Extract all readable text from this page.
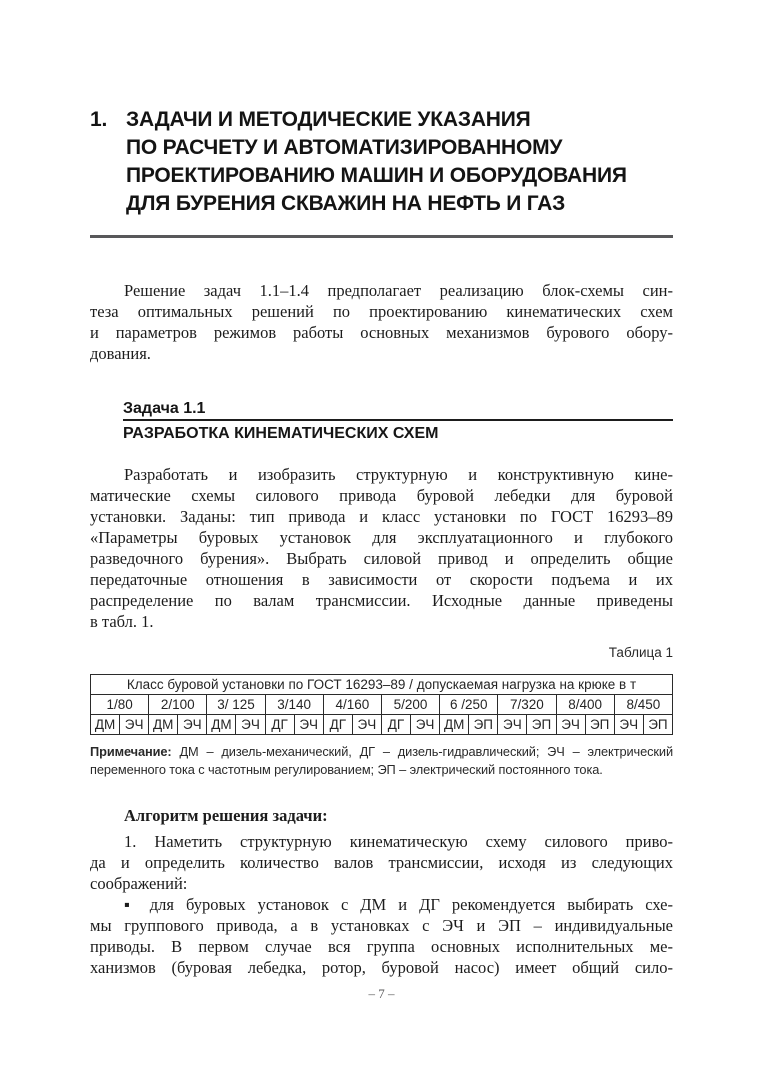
1. ЗАДАЧИ И МЕТОДИЧЕСКИЕ УКАЗАНИЯ
ПО РАСЧЕТУ И АВТОМАТИЗИРОВАННОМУ
ПРОЕКТИРОВАНИЮ МАШИН И ОБОРУДОВАНИЯ
ДЛЯ БУРЕНИЯ СКВАЖИН НА НЕФТЬ И ГАЗ
Решение задач 1.1–1.4 предполагает реализацию блок-схемы син-
теза оптимальных решений по проектированию кинематических схем
и параметров режимов работы основных механизмов бурового обору-
дования.
Задача 1.1
РАЗРАБОТКА КИНЕМАТИЧЕСКИХ СХЕМ
Разработать и изобразить структурную и конструктивную кине-
матические схемы силового привода буровой лебедки для буровой
установки. Заданы: тип привода и класс установки по ГОСТ 16293–89
«Параметры буровых установок для эксплуатационного и глубокого
разведочного бурения». Выбрать силовой привод и определить общие
передаточные отношения в зависимости от скорости подъема и их
распределение по валам трансмиссии. Исходные данные приведены
в табл. 1.
Таблица 1
Класс буровой установки по ГОСТ 16293–89 / допускаемая нагрузка на крюке в т																			
1/80		2/100		3/ 125		3/140		4/160		5/200		6 /250		7/320		8/400		8/450	
ДМ	ЭЧ	ДМ	ЭЧ	ДМ	ЭЧ	ДГ	ЭЧ	ДГ	ЭЧ	ДГ	ЭЧ	ДМ	ЭП	ЭЧ	ЭП	ЭЧ	ЭП	ЭЧ	ЭП

Примечание: ДМ – дизель-механический, ДГ – дизель-гидравлический; ЭЧ – электрический переменного тока с частотным регулированием; ЭП – электрический постоянного тока.

Алгоритм решения задачи:
1. Наметить структурную кинематическую схему силового приво-
да и определить количество валов трансмиссии, исходя из следующих
соображений:
▪ для буровых установок с ДМ и ДГ рекомендуется выбирать схе-
мы группового привода, а в установках с ЭЧ и ЭП – индивидуальные
приводы. В первом случае вся группа основных исполнительных ме-
ханизмов (буровая лебедка, ротор, буровой насос) имеет общий сило-
– 7 –
